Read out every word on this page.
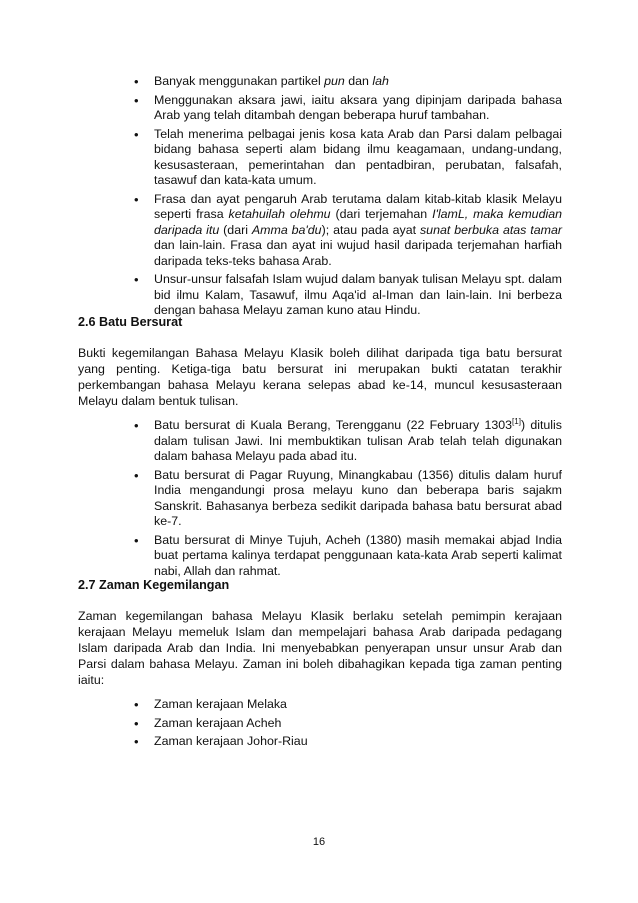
• Banyak menggunakan partikel pun dan lah
• Menggunakan aksara jawi, iaitu aksara yang dipinjam daripada bahasa Arab yang telah ditambah dengan beberapa huruf tambahan.
• Telah menerima pelbagai jenis kosa kata Arab dan Parsi dalam pelbagai bidang bahasa seperti alam bidang ilmu keagamaan, undang-undang, kesusasteraan, pemerintahan dan pentadbiran, perubatan, falsafah, tasawuf dan kata-kata umum.
• Frasa dan ayat pengaruh Arab terutama dalam kitab-kitab klasik Melayu seperti frasa ketahuilah olehmu (dari terjemahan I'lamL, maka kemudian daripada itu (dari Amma ba'du); atau pada ayat sunat berbuka atas tamar dan lain-lain. Frasa dan ayat ini wujud hasil daripada terjemahan harfiah daripada teks-teks bahasa Arab.
• Unsur-unsur falsafah Islam wujud dalam banyak tulisan Melayu spt. dalam bid ilmu Kalam, Tasawuf, ilmu Aqa'id al-Iman dan lain-lain. Ini berbeza dengan bahasa Melayu zaman kuno atau Hindu.

2.6 Batu Bersurat

Bukti kegemilangan Bahasa Melayu Klasik boleh dilihat daripada tiga batu bersurat yang penting. Ketiga-tiga batu bersurat ini merupakan bukti catatan terakhir perkembangan bahasa Melayu kerana selepas abad ke-14, muncul kesusasteraan Melayu dalam bentuk tulisan.

• Batu bersurat di Kuala Berang, Terengganu (22 February 1303[1]) ditulis dalam tulisan Jawi. Ini membuktikan tulisan Arab telah telah digunakan dalam bahasa Melayu pada abad itu.
• Batu bersurat di Pagar Ruyung, Minangkabau (1356) ditulis dalam huruf India mengandungi prosa melayu kuno dan beberapa baris sajakm Sanskrit. Bahasanya berbeza sedikit daripada bahasa batu bersurat abad ke-7.
• Batu bersurat di Minye Tujuh, Acheh (1380) masih memakai abjad India buat pertama kalinya terdapat penggunaan kata-kata Arab seperti kalimat nabi, Allah dan rahmat.

2.7 Zaman Kegemilangan

Zaman kegemilangan bahasa Melayu Klasik berlaku setelah pemimpin kerajaan kerajaan Melayu memeluk Islam dan mempelajari bahasa Arab daripada pedagang Islam daripada Arab dan India. Ini menyebabkan penyerapan unsur unsur Arab dan Parsi dalam bahasa Melayu. Zaman ini boleh dibahagikan kepada tiga zaman penting iaitu:

• Zaman kerajaan Melaka
• Zaman kerajaan Acheh
• Zaman kerajaan Johor-Riau
16
